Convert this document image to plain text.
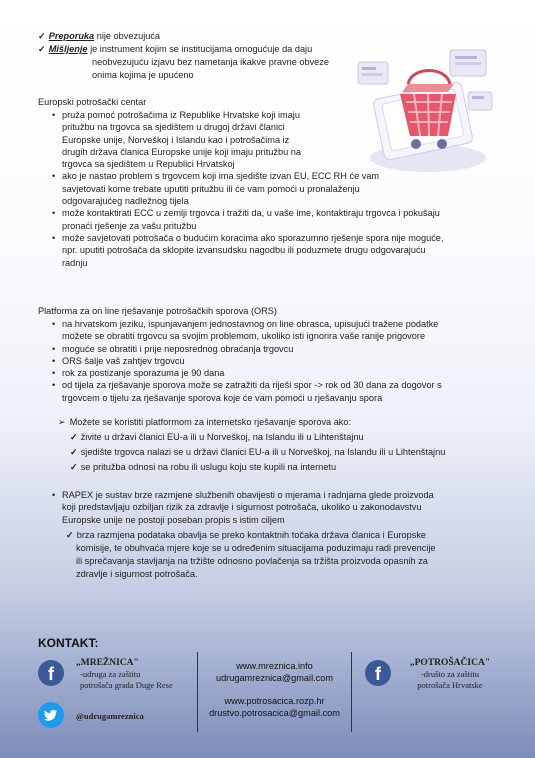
✓ Preporuka nije obvezujuća
✓ Mišljenje je instrument kojim se institucijama omogućuje da daju
neobvezujuću izjavu bez nametanja ikakve pravne obveze
onima kojima je upućeno
Europski potrošački centar
• pruža pomoć potrošačima iz Republike Hrvatske koji imaju
pritužbu na trgovca sa sjedištem u drugoj državi članici
Europske unije, Norveškoj i Islandu kao i potrošačima iz
drugih država članica Europske unije koji imaju pritužbu na
trgovca sa sjedištem u Republici Hrvatskoj
• ako je nastao problem s trgovcem koji ima sjedište izvan EU, ECC RH će vam
savjetovati kome trebate uputiti pritužbu ili će vam pomoći u pronalaženju
odgovarajućeg nadležnog tijela
• može kontaktirati ECC u zemlji trgovca i tražiti da, u vaše ime, kontaktiraju trgovca i pokušaju
pronaći rješenje za vašu pritužbu
• može savjetovati potrošača o budućim koracima ako sporazumno rješenje spora nije moguće,
npr. uputiti potrošača da sklopite izvansudsku nagodbu ili poduzmete drugu odgovarajuću
radnju
Platforma za on line rješavanje potrošačkih sporova (ORS)
• na hrvatskom jeziku, ispunjavanjem jednostavnog on line obrasca, upisujući tražene podatke
možete se obratiti trgovcu sa svojim problemom, ukoliko isti ignorira vaše ranije prigovore
• moguće se obratiti i prije neposrednog obraćanja trgovcu
• ORS šalje vaš zahtjev trgovcu
• rok za postizanje sporazuma je 90 dana
• od tijela za rješavanje sporova može se zatražiti da riješi spor -> rok od 30 dana za dogovor s
trgovcem o tijelu za rješavanje sporova koje će vam pomoći u rješavanju spora
➢ Možete se koristiti platformom za internetsko rješavanje sporova ako:
✓ živite u državi članici EU-a ili u Norveškoj, na Islandu ili u Lihtenštajnu
✓ sjedište trgovca nalazi se u državi članici EU-a ili u Norveškoj, na Islandu ili u Lihtenštajnu
✓ se pritužba odnosi na robu ili uslugu koju ste kupili na internetu
• RAPEX je sustav brze razmjene službenih obavijesti o mjerama i radnjama glede proizvoda
koji predstavljaju ozbiljan rizik za zdravlje i sigurnost potrošača, ukoliko u zakonodavstvu
Europske unije ne postoji poseban propis s istim ciljem
✓ brza razmjena podataka obavlja se preko kontaktnih točaka država članica i Europske
komisije, te obuhvaća mjere koje se u određenim situacijama poduzimaju radi prevencije
ili sprečavanja stavljanja na tržište odnosno povlačenja sa tržišta proizvoda opasnih za
zdravlje i sigurnost potrošača.
KONTAKT:
f
„MREŽNICA"
-udruga za zaštitu
potrošača grada Duge Rese
@udrugamreznica
www.mreznica.info
udrugamreznica@gmail.com
www.potrosacica.rozp.hr
drustvo.potrosacica@gmail.com
f
„POTROŠAČICA"
-društo za zaštitu
potrošača Hrvatske
